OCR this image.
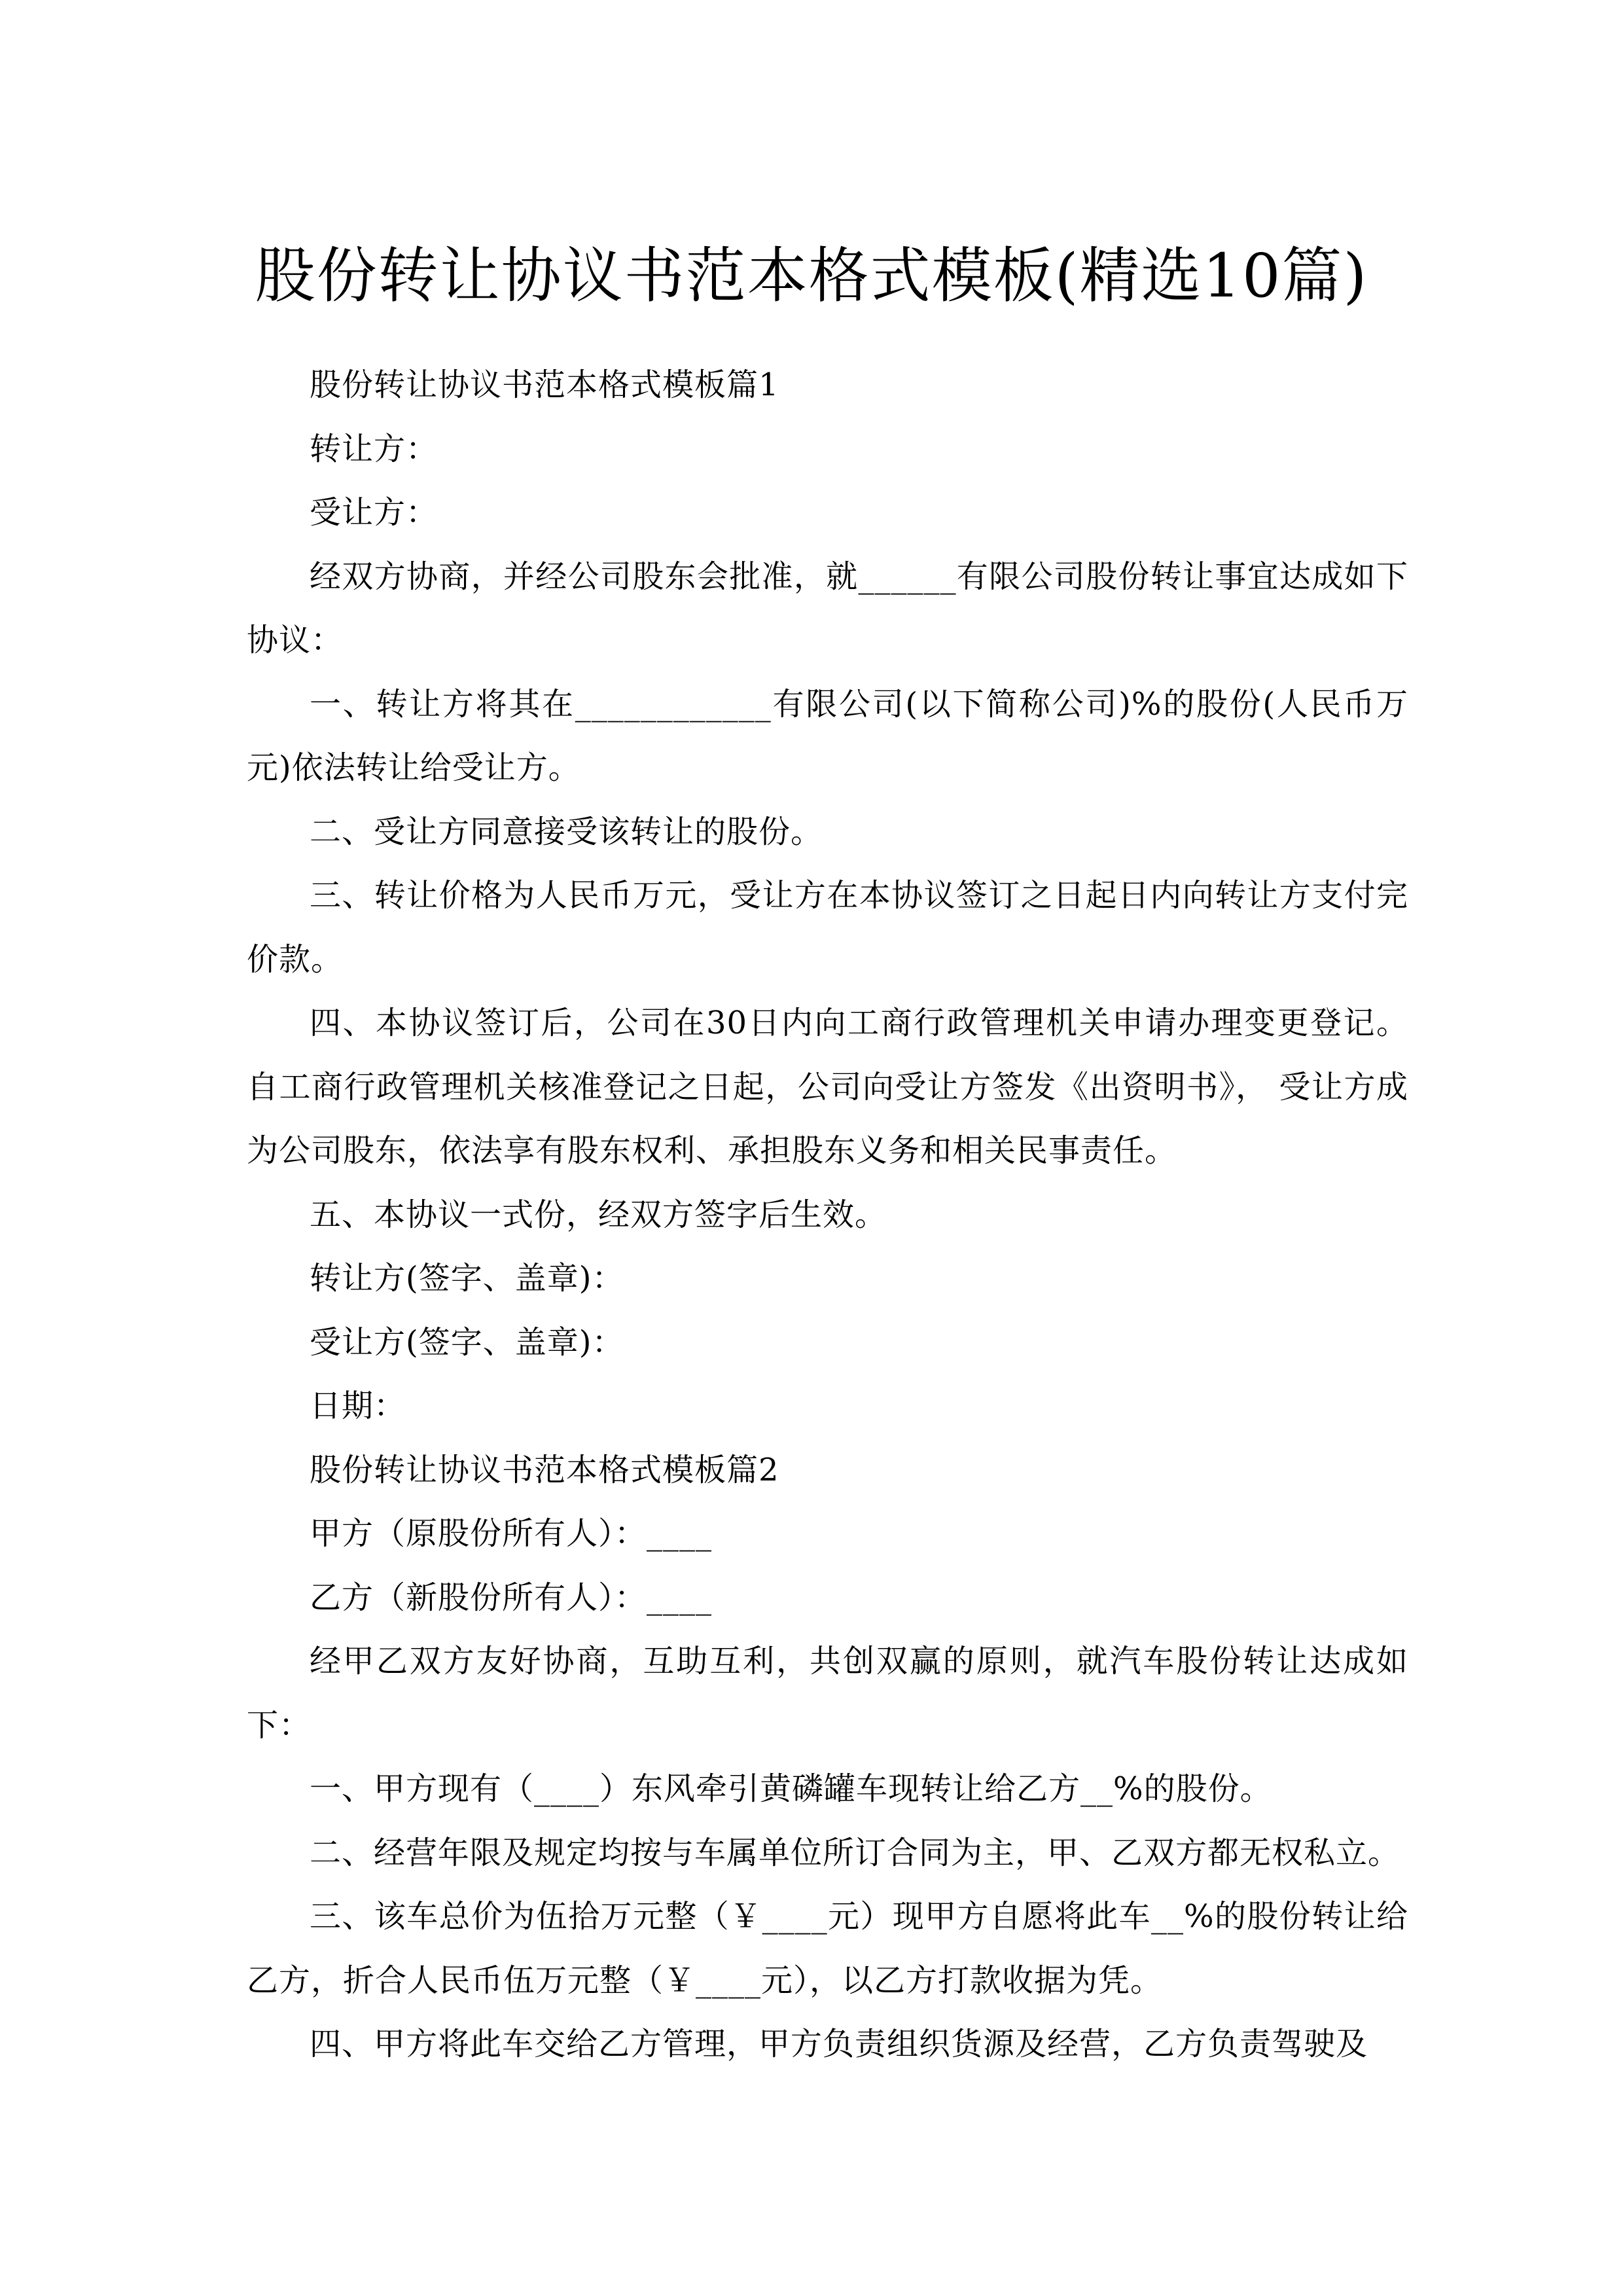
股份转让协议书范本格式模板(精选10篇)

股份转让协议书范本格式模板篇1

转让方：

受让方：

经双方协商，并经公司股东会批准，就______有限公司股份转让事宜达成如下协议：

一、转让方将其在____________有限公司(以下简称公司)%的股份(人民币万元)依法转让给受让方。

二、受让方同意接受该转让的股份。

三、转让价格为人民币万元，受让方在本协议签订之日起日内向转让方支付完价款。

四、本协议签订后，公司在30日内向工商行政管理机关申请办理变更登记。自工商行政管理机关核准登记之日起，公司向受让方签发《出资明书》， 受让方成为公司股东，依法享有股东权利、承担股东义务和相关民事责任。

五、本协议一式份，经双方签字后生效。

转让方(签字、盖章)：

受让方(签字、盖章)：

日期：

股份转让协议书范本格式模板篇2

甲方（原股份所有人）：____

乙方（新股份所有人）：____

经甲乙双方友好协商，互助互利，共创双赢的原则，就汽车股份转让达成如下：

一、甲方现有（____）东风牵引黄磷罐车现转让给乙方__%的股份。

二、经营年限及规定均按与车属单位所订合同为主，甲、乙双方都无权私立。

三、该车总价为伍拾万元整（￥____元）现甲方自愿将此车__%的股份转让给乙方，折合人民币伍万元整（￥____元），以乙方打款收据为凭。

四、甲方将此车交给乙方管理，甲方负责组织货源及经营，乙方负责驾驶及
